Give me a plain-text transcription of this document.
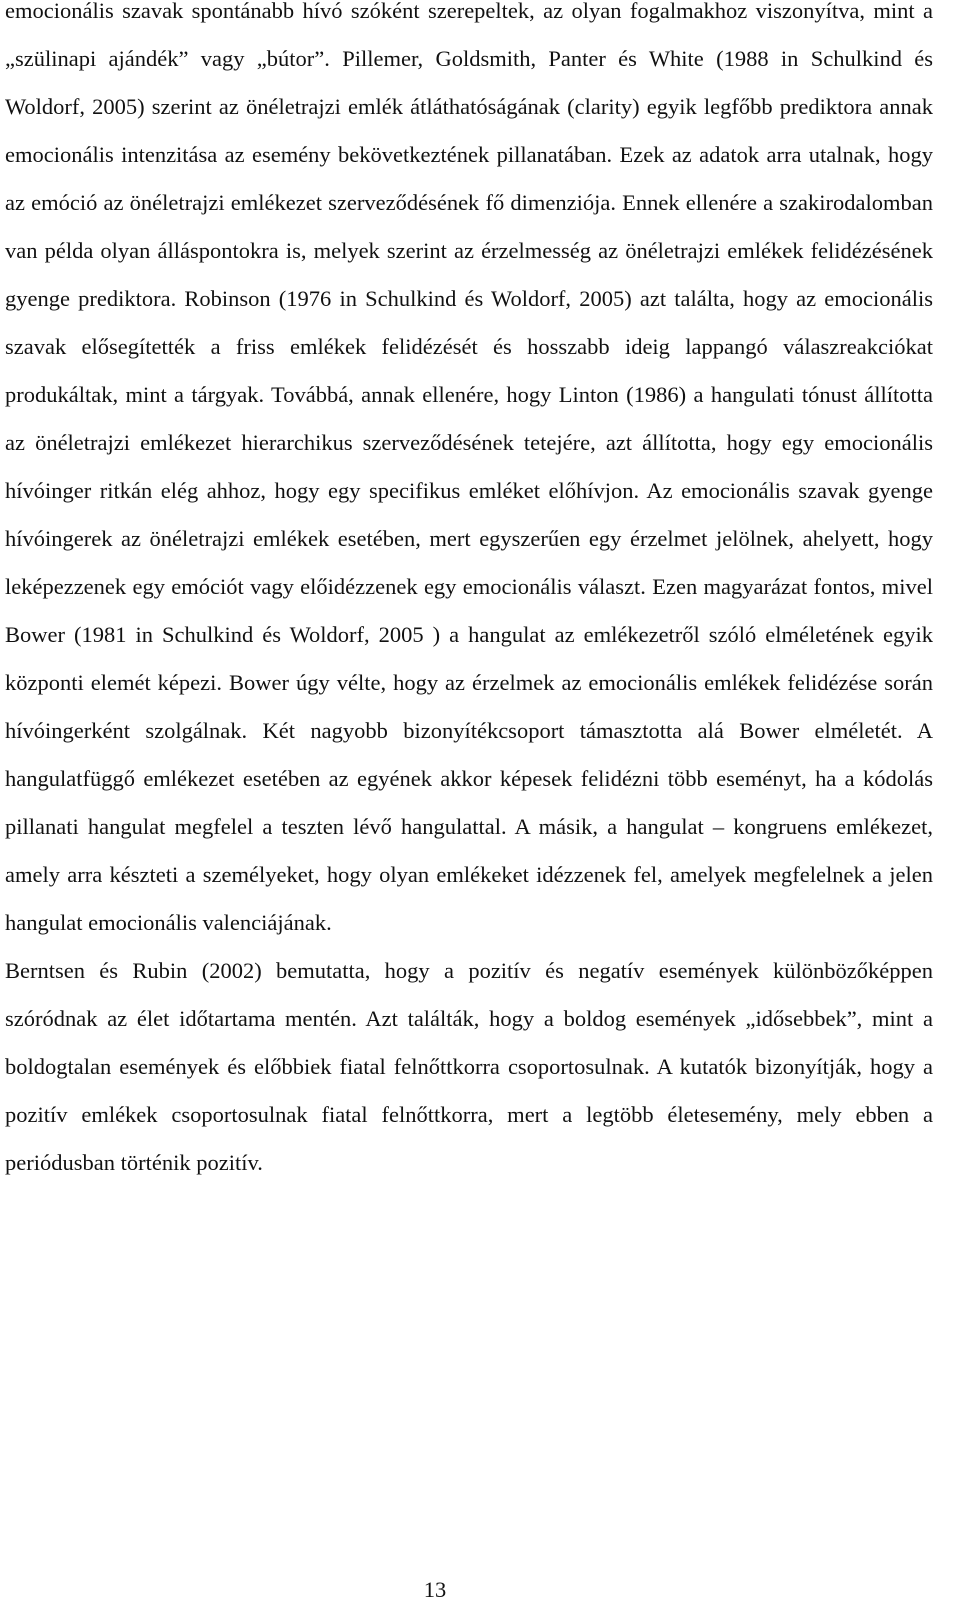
emocionális szavak spontánabb hívó szóként szerepeltek, az olyan fogalmakhoz viszonyítva, mint a „szülinapi ajándék” vagy „bútor”. Pillemer, Goldsmith, Panter és White (1988 in Schulkind és Woldorf, 2005) szerint az önéletrajzi emlék átláthatóságának (clarity) egyik legfőbb prediktora annak emocionális intenzitása az esemény bekövetkeztének pillanatában. Ezek az adatok arra utalnak, hogy az emóció az önéletrajzi emlékezet szerveződésének fő dimenziója. Ennek ellenére a szakirodalomban van példa olyan álláspontokra is, melyek szerint az érzelmesség az önéletrajzi emlékek felidézésének gyenge prediktora. Robinson (1976 in Schulkind és Woldorf, 2005) azt találta, hogy az emocionális szavak elősegítették a friss emlékek felidézését és hosszabb ideig lappangó válaszreakciókat produkáltak, mint a tárgyak. Továbbá, annak ellenére, hogy Linton (1986) a hangulati tónust állította az önéletrajzi emlékezet hierarchikus szerveződésének tetejére, azt állította, hogy egy emocionális hívóinger ritkán elég ahhoz, hogy egy specifikus emléket előhívjon. Az emocionális szavak gyenge hívóingerek az önéletrajzi emlékek esetében, mert egyszerűen egy érzelmet jelölnek, ahelyett, hogy leképezzenek egy emóciót vagy előidézzenek egy emocionális választ. Ezen magyarázat fontos, mivel Bower (1981 in Schulkind és Woldorf, 2005 ) a hangulat az emlékezetről szóló elméletének egyik központi elemét képezi. Bower úgy vélte, hogy az érzelmek az emocionális emlékek felidézése során hívóingerként szolgálnak. Két nagyobb bizonyítékcsoport támasztotta alá Bower elméletét. A hangulatfüggő emlékezet esetében az egyének akkor képesek felidézni több eseményt, ha a kódolás pillanati hangulat megfelel a teszten lévő hangulattal. A másik, a hangulat – kongruens emlékezet, amely arra készteti a személyeket, hogy olyan emlékeket idézzenek fel, amelyek megfelelnek a jelen hangulat emocionális valenciájának.

Berntsen és Rubin (2002) bemutatta, hogy a pozitív és negatív események különbözőképpen szóródnak az élet időtartama mentén. Azt találták, hogy a boldog események „idősebbek”, mint a boldogtalan események és előbbiek fiatal felnőttkorra csoportosulnak. A kutatók bizonyítják, hogy a pozitív emlékek csoportosulnak fiatal felnőttkorra, mert a legtöbb életesemény, mely ebben a periódusban történik pozitív.

13
